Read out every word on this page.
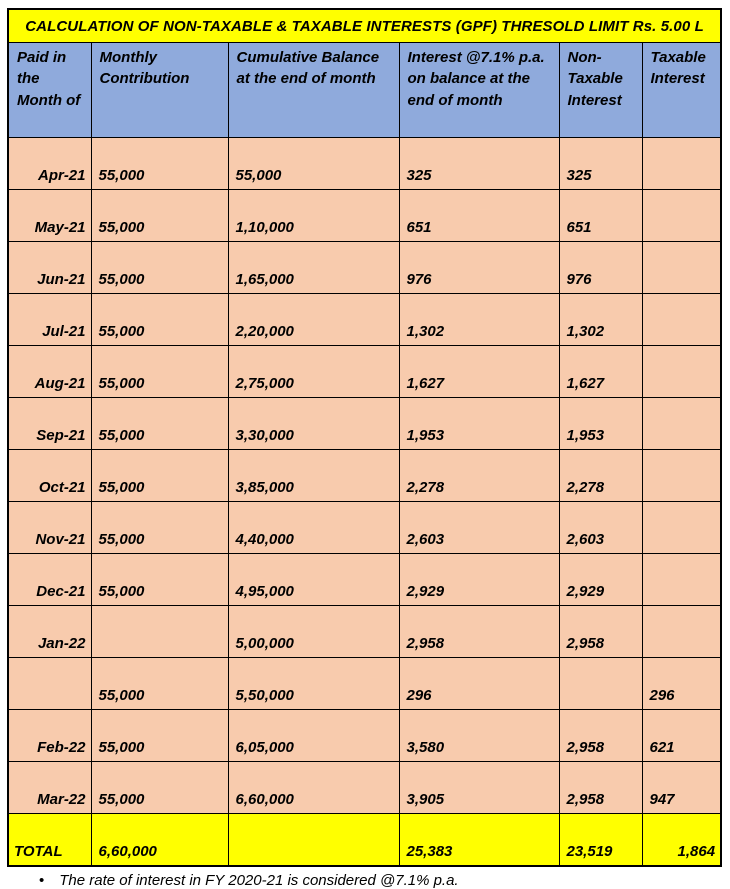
CALCULATION OF NON-TAXABLE & TAXABLE INTERESTS (GPF) THRESOLD LIMIT Rs. 5.00 L					
Paid in the Month of	Monthly Contribution	Cumulative Balance at the end of month	Interest @7.1% p.a. on balance at the end of month	Non-Taxable Interest	Taxable Interest
Apr-21	55,000	55,000	325	325	
May-21	55,000	1,10,000	651	651	
Jun-21	55,000	1,65,000	976	976	
Jul-21	55,000	2,20,000	1,302	1,302	
Aug-21	55,000	2,75,000	1,627	1,627	
Sep-21	55,000	3,30,000	1,953	1,953	
Oct-21	55,000	3,85,000	2,278	2,278	
Nov-21	55,000	4,40,000	2,603	2,603	
Dec-21	55,000	4,95,000	2,929	2,929	
Jan-22		5,00,000	2,958	2,958	
	55,000	5,50,000	296		296
Feb-22	55,000	6,05,000	3,580	2,958	621
Mar-22	55,000	6,60,000	3,905	2,958	947
TOTAL	6,60,000		25,383	23,519	1,864
• The rate of interest in FY 2020-21 is considered @7.1% p.a.
